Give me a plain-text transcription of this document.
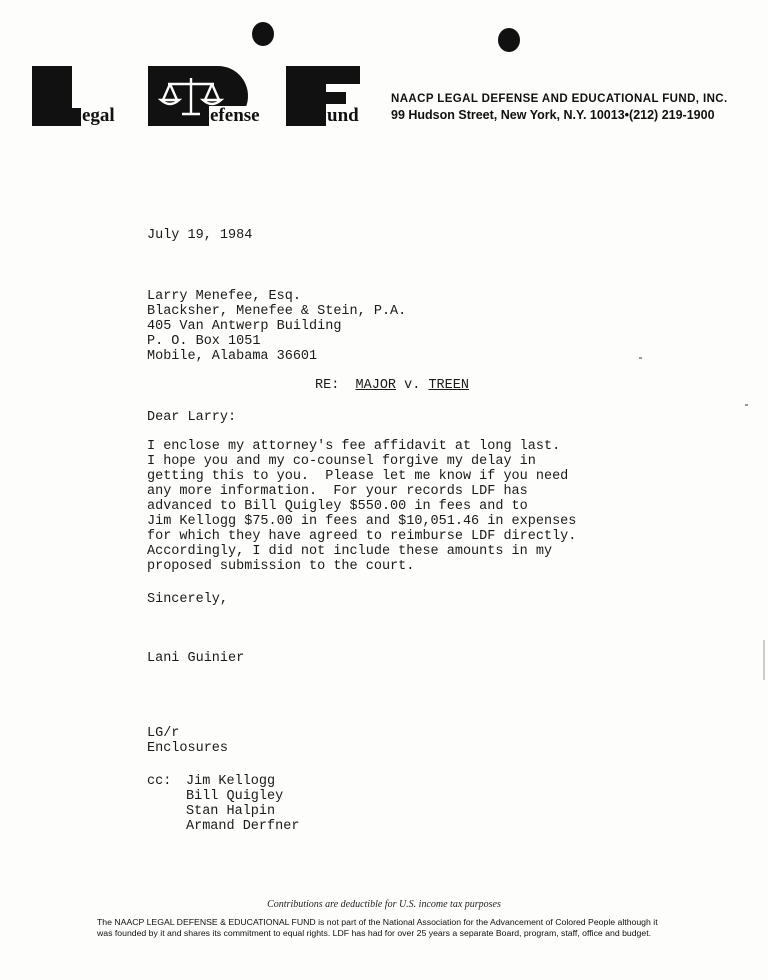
egal	efense	und
NAACP LEGAL DEFENSE AND EDUCATIONAL FUND, INC.
99 Hudson Street, New York, N.Y. 10013•(212) 219-1900
July 19, 1984
Larry Menefee, Esq.
Blacksher, Menefee & Stein, P.A.
405 Van Antwerp Building
P. O. Box 1051
Mobile, Alabama 36601
RE: MAJOR v. TREEN
Dear Larry:
I enclose my attorney's fee affidavit at long last.
I hope you and my co-counsel forgive my delay in
getting this to you.  Please let me know if you need
any more information.  For your records LDF has
advanced to Bill Quigley $550.00 in fees and to
Jim Kellogg $75.00 in fees and $10,051.46 in expenses
for which they have agreed to reimburse LDF directly.
Accordingly, I did not include these amounts in my
proposed submission to the court.
Sincerely,
Lani Guinier
LG/r
Enclosures
cc: Jim Kellogg
Bill Quigley
Stan Halpin
Armand Derfner
Contributions are deductible for U.S. income tax purposes
The NAACP LEGAL DEFENSE & EDUCATIONAL FUND is not part of the National Association for the Advancement of Colored People although it
was founded by it and shares its commitment to equal rights. LDF has had for over 25 years a separate Board, program, staff, office and budget.
